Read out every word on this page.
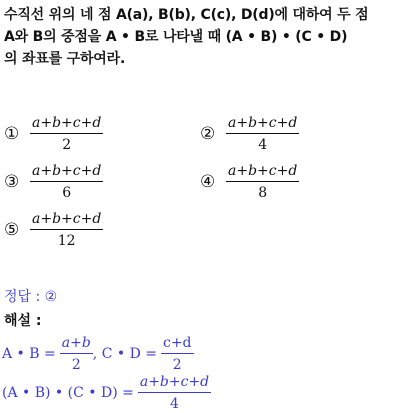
수직선 위의 네 점 A(a), B(b), C(c), D(d)에 대하여 두 점
A와 B의 중점을 A • B로 나타낼 때 (A • B) • (C • D)
의 좌표를 구하여라.
① $\frac{a+b+c+d}{2}$	② $\frac{a+b+c+d}{4}$
③ $\frac{a+b+c+d}{6}$	④ $\frac{a+b+c+d}{8}$
⑤ $\frac{a+b+c+d}{12}$
정답 : ②
해설 :
A • $B = \frac{a+b}{2}$ , C • $D = \frac{c+d}{2}$
(A • B) • (C • $D) = \frac{a+b+c+d}{4}$
